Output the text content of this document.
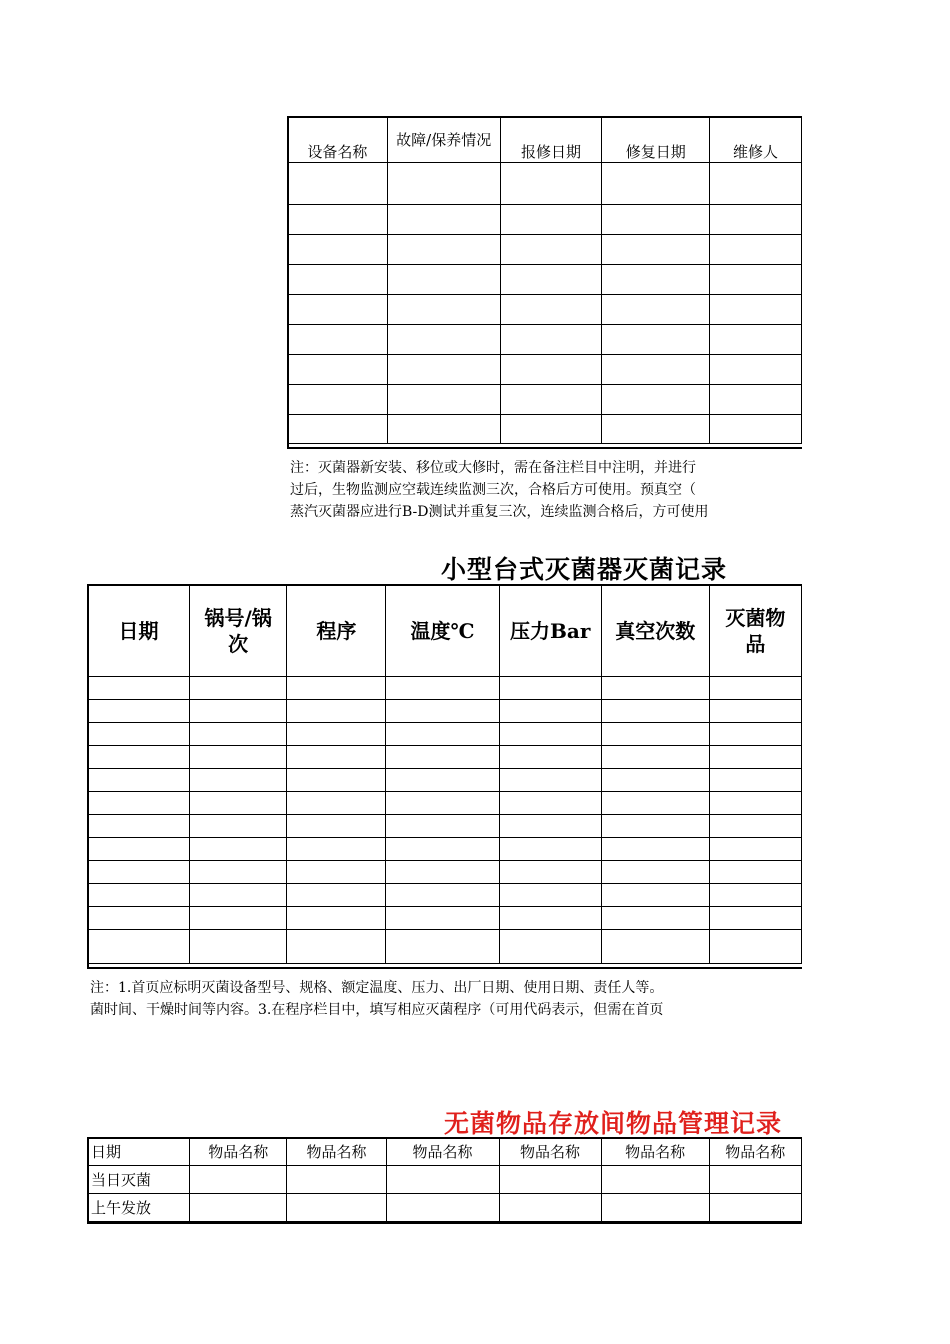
设备名称	故障/保养情况	报修日期	修复日期	维修人

注：灭菌器新安装、移位或大修时，需在备注栏目中注明，并进行
过后，生物监测应空载连续监测三次，合格后方可使用。预真空（
蒸汽灭菌器应进行B-D测试并重复三次，连续监测合格后，方可使用
小型台式灭菌器灭菌记录
日期	锅号/锅次	程序	温度℃	压力Bar	真空次数	灭菌物品

注：1.首页应标明灭菌设备型号、规格、额定温度、压力、出厂日期、使用日期、责任人等。
菌时间、干燥时间等内容。3.在程序栏目中，填写相应灭菌程序（可用代码表示，但需在首页
无菌物品存放间物品管理记录
日期	物品名称	物品名称	物品名称	物品名称	物品名称	物品名称
当日灭菌						
上午发放						
